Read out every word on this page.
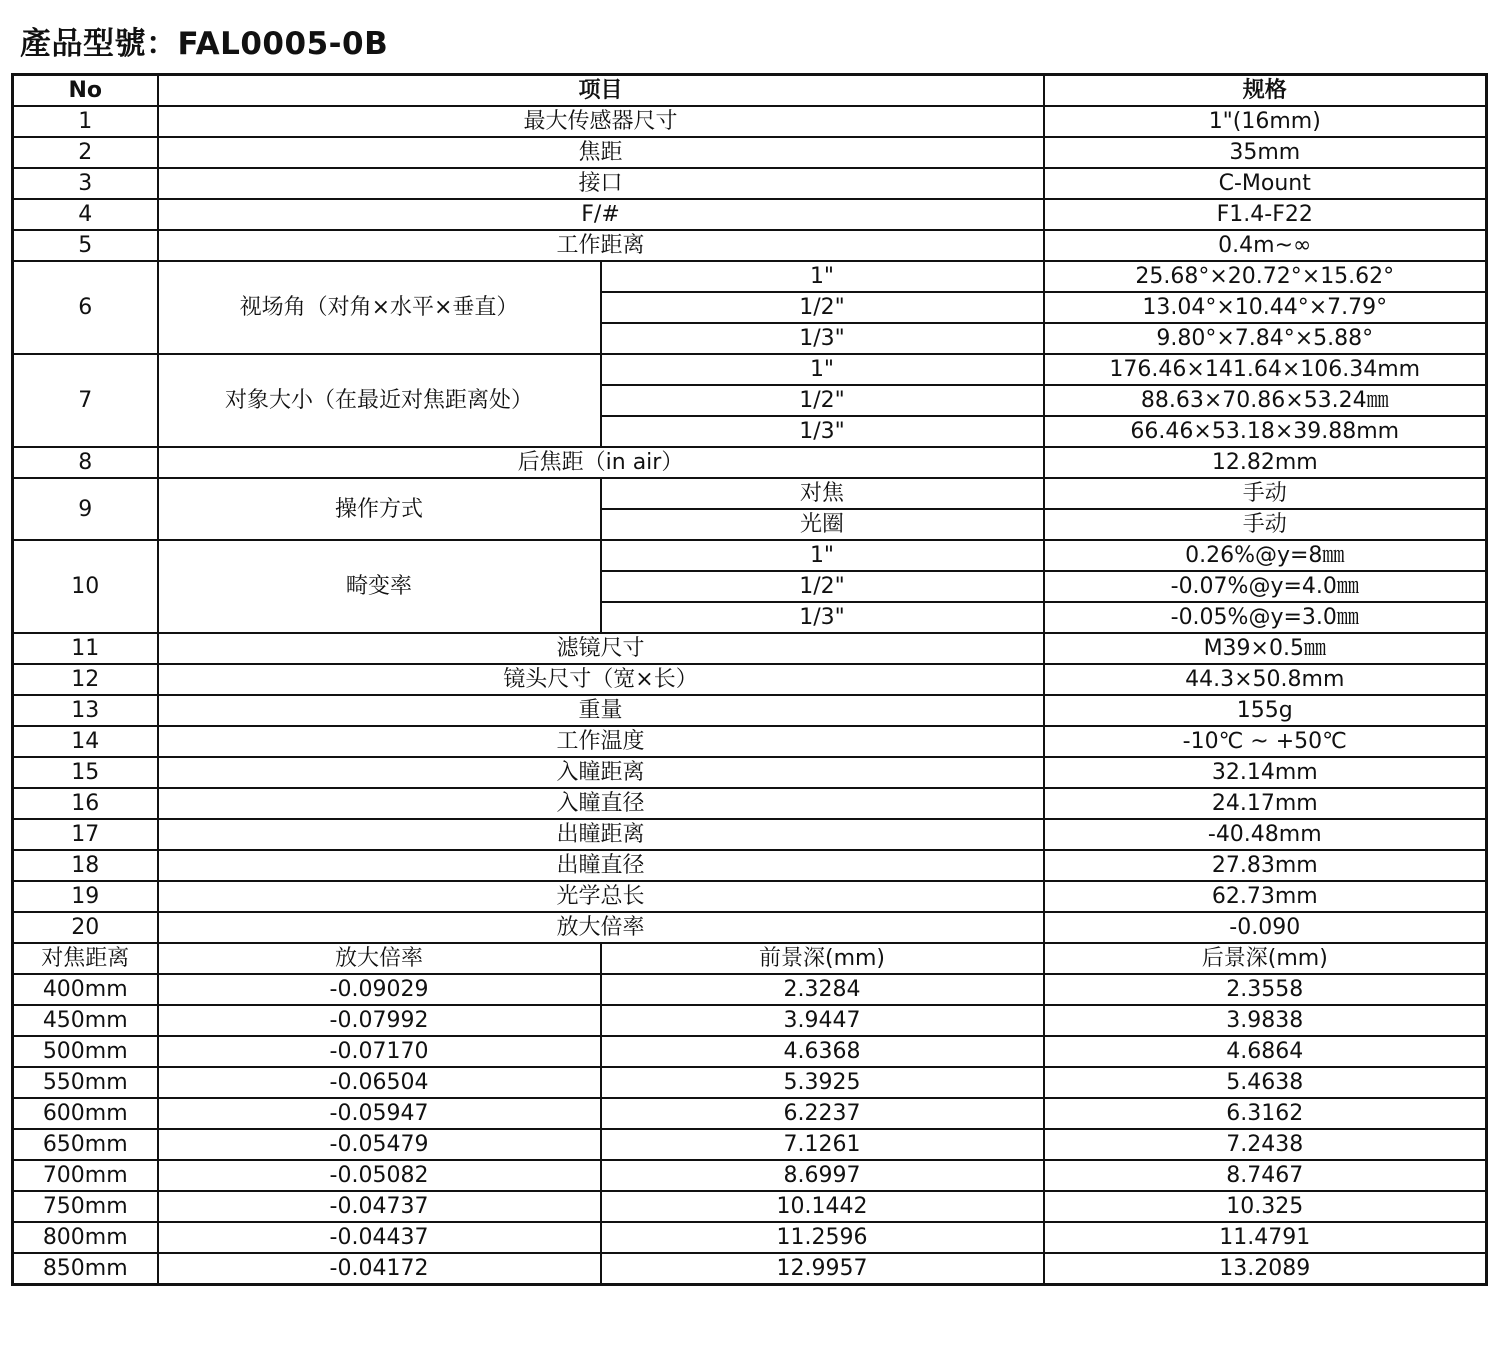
產品型號：FAL0005-0B
No	项目		规格
1	最大传感器尺寸		1"(16mm)
2	焦距		35mm
3	接口		C-Mount
4	F/#		F1.4-F22
5	工作距离		0.4m~∞
6	视场角（对角×水平×垂直）	1"	25.68°×20.72°×15.62°
		1/2"	13.04°×10.44°×7.79°
		1/3"	9.80°×7.84°×5.88°
7	对象大小（在最近对焦距离处）	1"	176.46×141.64×106.34mm
		1/2"	88.63×70.86×53.24㎜
		1/3"	66.46×53.18×39.88mm
8	后焦距（in air）		12.82mm
9	操作方式	对焦	手动
		光圈	手动
10	畸变率	1"	0.26%@y=8㎜
		1/2"	-0.07%@y=4.0㎜
		1/3"	-0.05%@y=3.0㎜
11	滤镜尺寸		M39×0.5㎜
12	镜头尺寸（宽×长）		44.3×50.8mm
13	重量		155g
14	工作温度		-10℃ ~ +50℃
15	入瞳距离		32.14mm
16	入瞳直径		24.17mm
17	出瞳距离		-40.48mm
18	出瞳直径		27.83mm
19	光学总长		62.73mm
20	放大倍率		-0.090
对焦距离	放大倍率	前景深(mm)	后景深(mm)
400mm	-0.09029	2.3284	2.3558
450mm	-0.07992	3.9447	3.9838
500mm	-0.07170	4.6368	4.6864
550mm	-0.06504	5.3925	5.4638
600mm	-0.05947	6.2237	6.3162
650mm	-0.05479	7.1261	7.2438
700mm	-0.05082	8.6997	8.7467
750mm	-0.04737	10.1442	10.325
800mm	-0.04437	11.2596	11.4791
850mm	-0.04172	12.9957	13.2089
